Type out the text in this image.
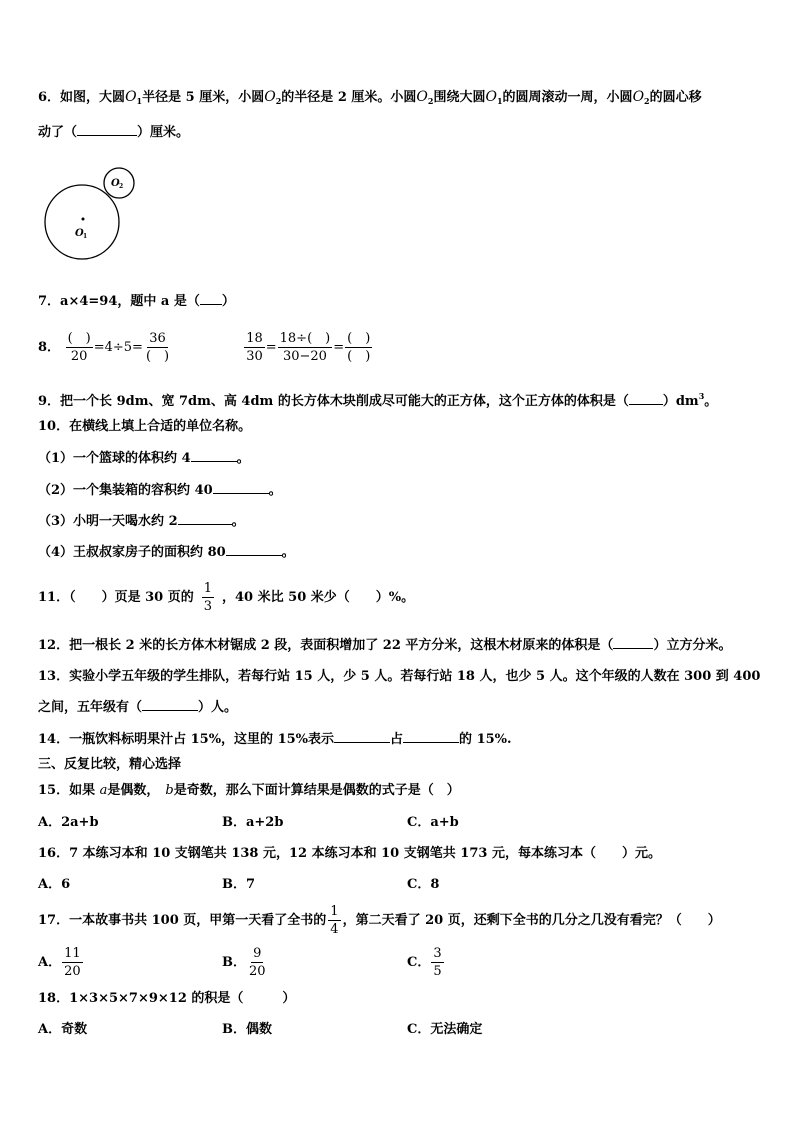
6．如图，大圆$O_1$半径是 5 厘米，小圆$O_2$的半径是 2 厘米。小圆$O_2$围绕大圆$O_1$的圆周滚动一周，小圆$O_2$的圆心移
动了（	）厘米。
O 1
O 2
7．a×4=94，题中 a 是（ ）
8． $\frac{( )}{20} =4\div 5= \frac{36}{( )}$
	$\frac{18}{30} = \frac{18\div( )}{30-20} = \frac{( )}{( )}$
9．把一个长 9dm、宽 7dm、高 4dm 的长方体木块削成尽可能大的正方体，这个正方体的体积是（	）$dm^3$。
10．在横线上填上合适的单位名称。
（1）一个篮球的体积约 4	。
（2）一个集装箱的容积约 40	。
（3）小明一天喝水约 2	。
（4）王叔叔家房子的面积约 80	。
11．（　　）页是 30 页的 $\frac{1}{3}$ ，40 米比 50 米少（　　）%。
12．把一根长 2 米的长方体木材锯成 2 段，表面积增加了 22 平方分米，这根木材原来的体积是（	）立方分米。
13．实验小学五年级的学生排队，若每行站 15 人，少 5 人。若每行站 18 人，也少 5 人。这个年级的人数在 300 到 400
之间，五年级有（	）人。
14．一瓶饮料标明果汁占 15%，这里的 15%表示	占	的 15%.
三、反复比较，精心选择
15．如果 a是偶数， b是奇数，那么下面计算结果是偶数的式子是（　）
A．2a+b	B．a+2b	C．a+b
16．7 本练习本和 10 支钢笔共 138 元，12 本练习本和 10 支钢笔共 173 元，每本练习本（　　）元。
A．6	B．7	C．8
17．一本故事书共 100 页，甲第一天看了全书的 $\frac{1}{4}$ ，第二天看了 20 页，还剩下全书的几分之几没有看完？（　　）
A． $\frac{11}{20}$	B． $\frac{9}{20}$	C． $\frac{3}{5}$
18．1×3×5×7×9×12 的积是（　　　）
A．奇数	B．偶数	C．无法确定
